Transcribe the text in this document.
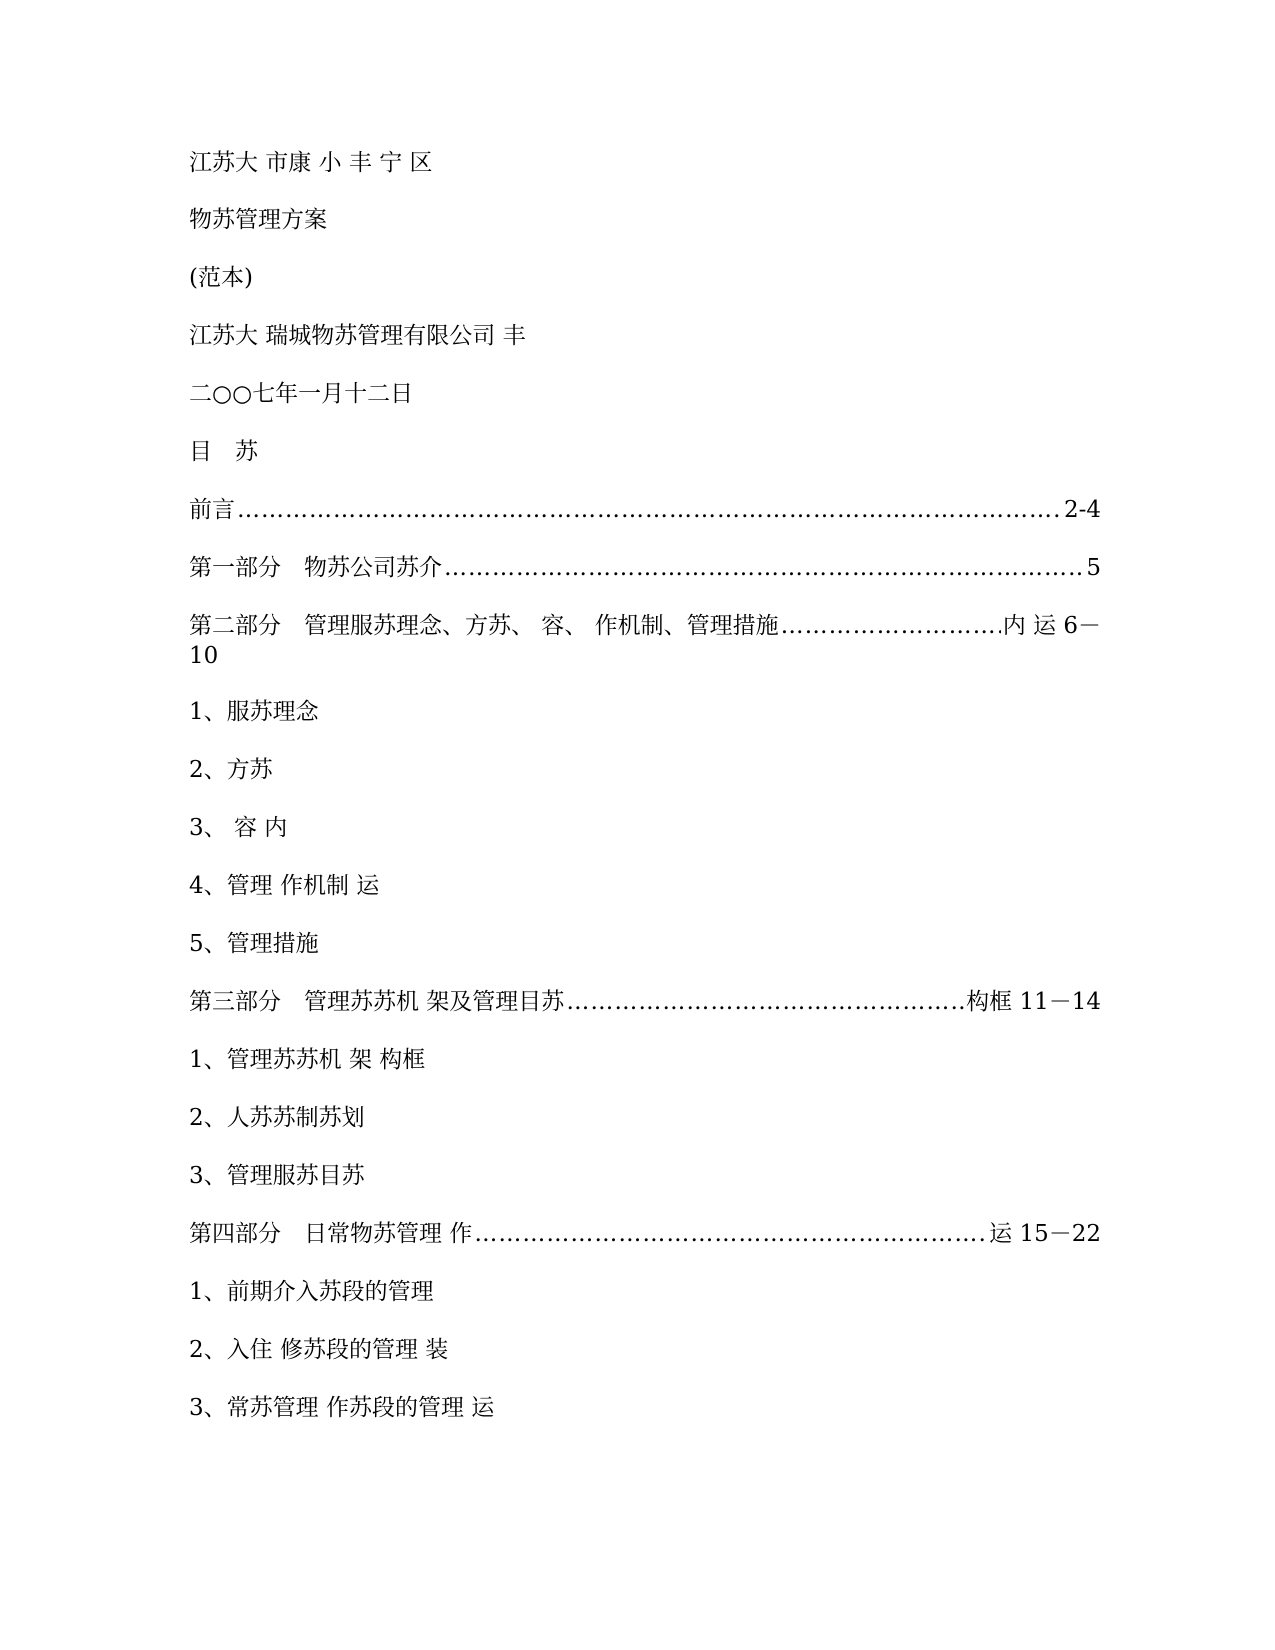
江苏大 市康 小 丰 宁 区
物苏管理方案
(范本)
江苏大 瑞城物苏管理有限公司 丰
二○○七年一月十二日
目　苏
前言 ………………………………………………………………………………………………………………………………………………………	2-4
第一部分　物苏公司苏介 ………………………………………………………………………………………………………………………………………………………	5
第二部分　管理服苏理念、方苏、 容、 作机制、管理措施 ………………………………………………………………………………………………………………………………………………………	内 运 6－
10
1、服苏理念
2、方苏
3、 容 内
4、管理 作机制 运
5、管理措施
第三部分　管理苏苏机 架及管理目苏 ………………………………………………………………………………………………………………………………………………………	构框 11－14
1、管理苏苏机 架 构框
2、人苏苏制苏划
3、管理服苏目苏
第四部分　日常物苏管理 作 ………………………………………………………………………………………………………………………………………………………	运 15－22
1、前期介入苏段的管理
2、入住 修苏段的管理 装
3、常苏管理 作苏段的管理 运
